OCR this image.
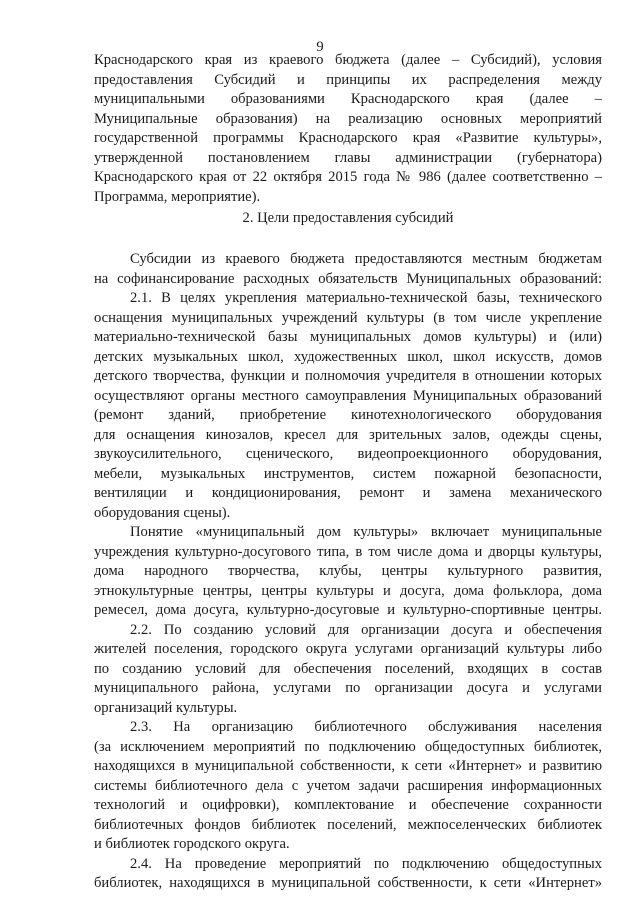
9
Краснодарского края из краевого бюджета (далее – Субсидий), условия
предоставления Субсидий и принципы их распределения между
муниципальными образованиями Краснодарского края (далее –
Муниципальные образования) на реализацию основных мероприятий
государственной программы Краснодарского края «Развитие культуры»,
утвержденной постановлением главы администрации (губернатора)
Краснодарского края от 22 октября 2015 года № 986 (далее соответственно –
Программа, мероприятие).
2. Цели предоставления субсидий
Субсидии из краевого бюджета предоставляются местным бюджетам
на софинансирование расходных обязательств Муниципальных образований:
2.1. В целях укрепления материально-технической базы, технического
оснащения муниципальных учреждений культуры (в том числе укрепление
материально-технической базы муниципальных домов культуры) и (или)
детских музыкальных школ, художественных школ, школ искусств, домов
детского творчества, функции и полномочия учредителя в отношении которых
осуществляют органы местного самоуправления Муниципальных образований
(ремонт зданий, приобретение кинотехнологического оборудования
для оснащения кинозалов, кресел для зрительных залов, одежды сцены,
звукоусилительного, сценического, видеопроекционного оборудования,
мебели, музыкальных инструментов, систем пожарной безопасности,
вентиляции и кондиционирования, ремонт и замена механического
оборудования сцены).
Понятие «муниципальный дом культуры» включает муниципальные
учреждения культурно-досугового типа, в том числе дома и дворцы культуры,
дома народного творчества, клубы, центры культурного развития,
этнокультурные центры, центры культуры и досуга, дома фольклора, дома
ремесел, дома досуга, культурно-досуговые и культурно-спортивные центры.
2.2. По созданию условий для организации досуга и обеспечения
жителей поселения, городского округа услугами организаций культуры либо
по созданию условий для обеспечения поселений, входящих в состав
муниципального района, услугами по организации досуга и услугами
организаций культуры.
2.3. На организацию библиотечного обслуживания населения
(за исключением мероприятий по подключению общедоступных библиотек,
находящихся в муниципальной собственности, к сети «Интернет» и развитию
системы библиотечного дела с учетом задачи расширения информационных
технологий и оцифровки), комплектование и обеспечение сохранности
библиотечных фондов библиотек поселений, межпоселенческих библиотек
и библиотек городского округа.
2.4. На проведение мероприятий по подключению общедоступных
библиотек, находящихся в муниципальной собственности, к сети «Интернет»
